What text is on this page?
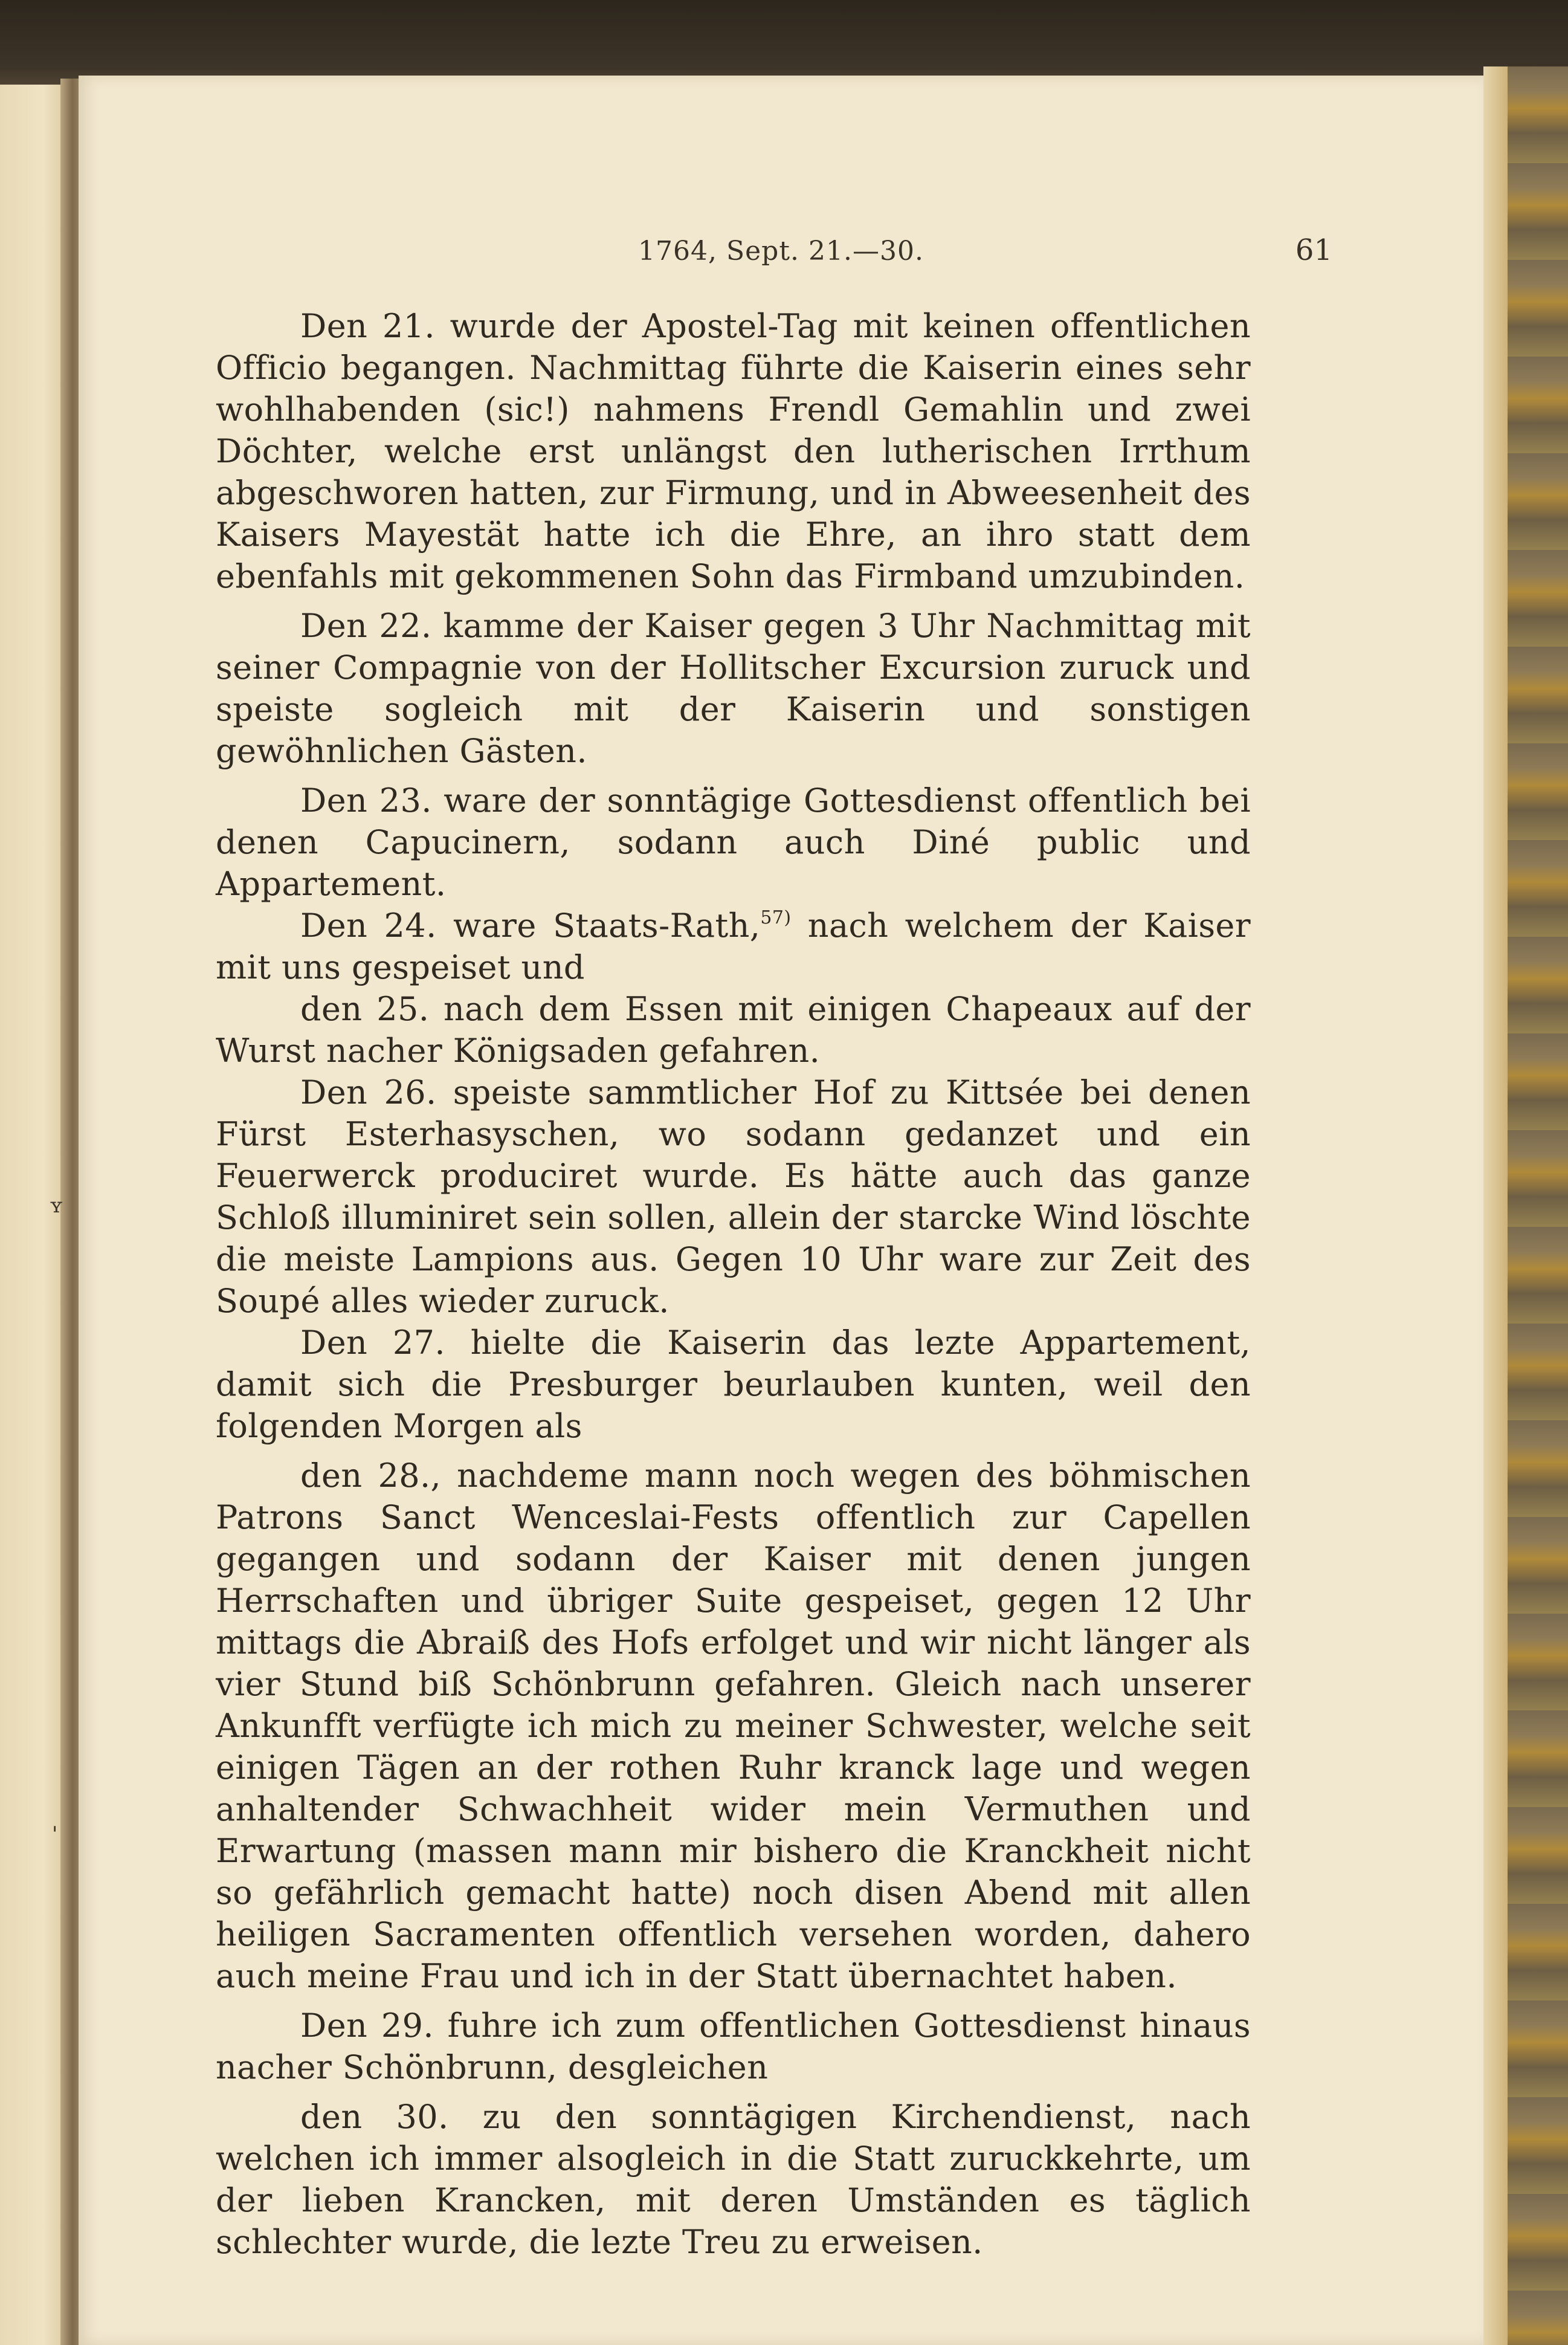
1764, Sept. 21.—30.	61
ʏ
'

Den 21. wurde der Apostel-Tag mit keinen offentlichen Officio begangen. Nachmittag führte die Kaiserin eines sehr wohlhabenden (sic!) nahmens Frendl Gemahlin und zwei Döchter, welche erst unlängst den lutherischen Irrthum abgeschworen hatten, zur Firmung, und in Abweesenheit des Kaisers Mayestät hatte ich die Ehre, an ihro statt dem ebenfahls mit gekommenen Sohn das Firmband umzubinden.

Den 22. kamme der Kaiser gegen 3 Uhr Nachmittag mit seiner Compagnie von der Hollitscher Excursion zuruck und speiste sogleich mit der Kaiserin und sonstigen gewöhnlichen Gästen.

Den 23. ware der sonntägige Gottesdienst offentlich bei denen Capucinern, sodann auch Diné public und Appartement.

Den 24. ware Staats-Rath,$^{57)}$ nach welchem der Kaiser mit uns gespeiset und

den 25. nach dem Essen mit einigen Chapeaux auf der Wurst nacher Königsaden gefahren.

Den 26. speiste sammtlicher Hof zu Kittsée bei denen Fürst Esterhasyschen, wo sodann gedanzet und ein Feuerwerck produciret wurde. Es hätte auch das ganze Schloß illuminiret sein sollen, allein der starcke Wind löschte die meiste Lampions aus. Gegen 10 Uhr ware zur Zeit des Soupé alles wieder zuruck.

Den 27. hielte die Kaiserin das lezte Appartement, damit sich die Presburger beurlauben kunten, weil den folgenden Morgen als

den 28., nachdeme mann noch wegen des böhmischen Patrons Sanct Wenceslai-Fests offentlich zur Capellen gegangen und sodann der Kaiser mit denen jungen Herrschaften und übriger Suite gespeiset, gegen 12 Uhr mittags die Abraiß des Hofs erfolget und wir nicht länger als vier Stund biß Schönbrunn gefahren. Gleich nach unserer Ankunfft verfügte ich mich zu meiner Schwester, welche seit einigen Tägen an der rothen Ruhr kranck lage und wegen anhaltender Schwachheit wider mein Vermuthen und Erwartung (massen mann mir bishero die Kranckheit nicht so gefährlich gemacht hatte) noch disen Abend mit allen heiligen Sacramenten offentlich versehen worden, dahero auch meine Frau und ich in der Statt übernachtet haben.

Den 29. fuhre ich zum offentlichen Gottesdienst hinaus nacher Schönbrunn, desgleichen

den 30. zu den sonntägigen Kirchendienst, nach welchen ich immer alsogleich in die Statt zuruckkehrte, um der lieben Krancken, mit deren Umständen es täglich schlechter wurde, die lezte Treu zu erweisen.
